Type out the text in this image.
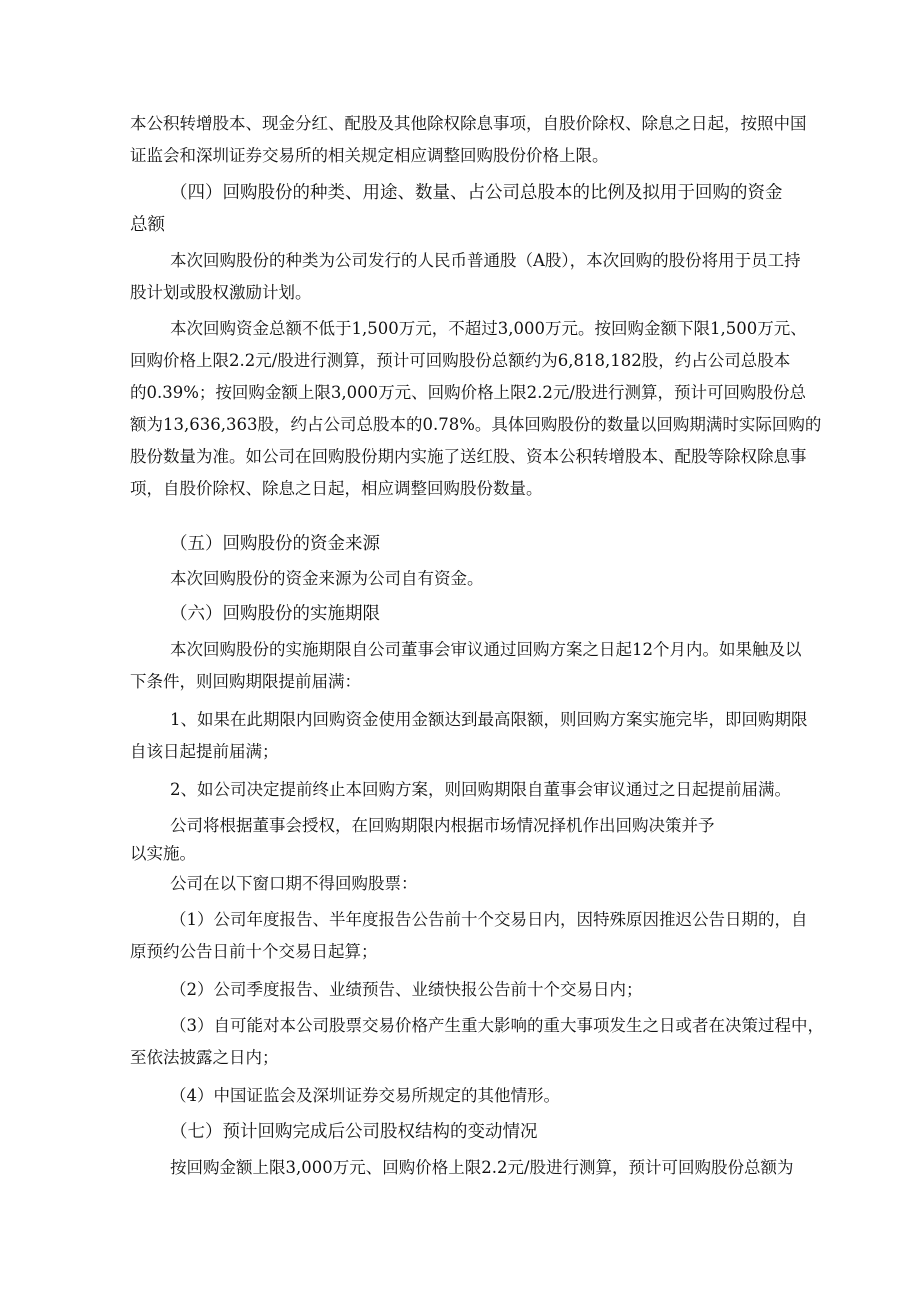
本公积转增股本、现金分红、配股及其他除权除息事项，自股价除权、除息之日起，按照中国
证监会和深圳证券交易所的相关规定相应调整回购股份价格上限。

（四）回购股份的种类、用途、数量、占公司总股本的比例及拟用于回购的资金
总额

本次回购股份的种类为公司发行的人民币普通股（A股），本次回购的股份将用于员工持
股计划或股权激励计划。

本次回购资金总额不低于1,500万元，不超过3,000万元。按回购金额下限1,500万元、
回购价格上限2.2元/股进行测算，预计可回购股份总额约为6,818,182股，约占公司总股本
的0.39%；按回购金额上限3,000万元、回购价格上限2.2元/股进行测算，预计可回购股份总
额为13,636,363股，约占公司总股本的0.78%。具体回购股份的数量以回购期满时实际回购的
股份数量为准。如公司在回购股份期内实施了送红股、资本公积转增股本、配股等除权除息事
项，自股价除权、除息之日起，相应调整回购股份数量。

（五）回购股份的资金来源

本次回购股份的资金来源为公司自有资金。

（六）回购股份的实施期限

本次回购股份的实施期限自公司董事会审议通过回购方案之日起12个月内。如果触及以
下条件，则回购期限提前届满：

1、如果在此期限内回购资金使用金额达到最高限额，则回购方案实施完毕，即回购期限
自该日起提前届满；

2、如公司决定提前终止本回购方案，则回购期限自董事会审议通过之日起提前届满。

公司将根据董事会授权，在回购期限内根据市场情况择机作出回购决策并予
以实施。

公司在以下窗口期不得回购股票：

（1）公司年度报告、半年度报告公告前十个交易日内，因特殊原因推迟公告日期的，自
原预约公告日前十个交易日起算；

（2）公司季度报告、业绩预告、业绩快报公告前十个交易日内；

（3）自可能对本公司股票交易价格产生重大影响的重大事项发生之日或者在决策过程中，
至依法披露之日内；

（4）中国证监会及深圳证券交易所规定的其他情形。

（七）预计回购完成后公司股权结构的变动情况

按回购金额上限3,000万元、回购价格上限2.2元/股进行测算，预计可回购股份总额为
